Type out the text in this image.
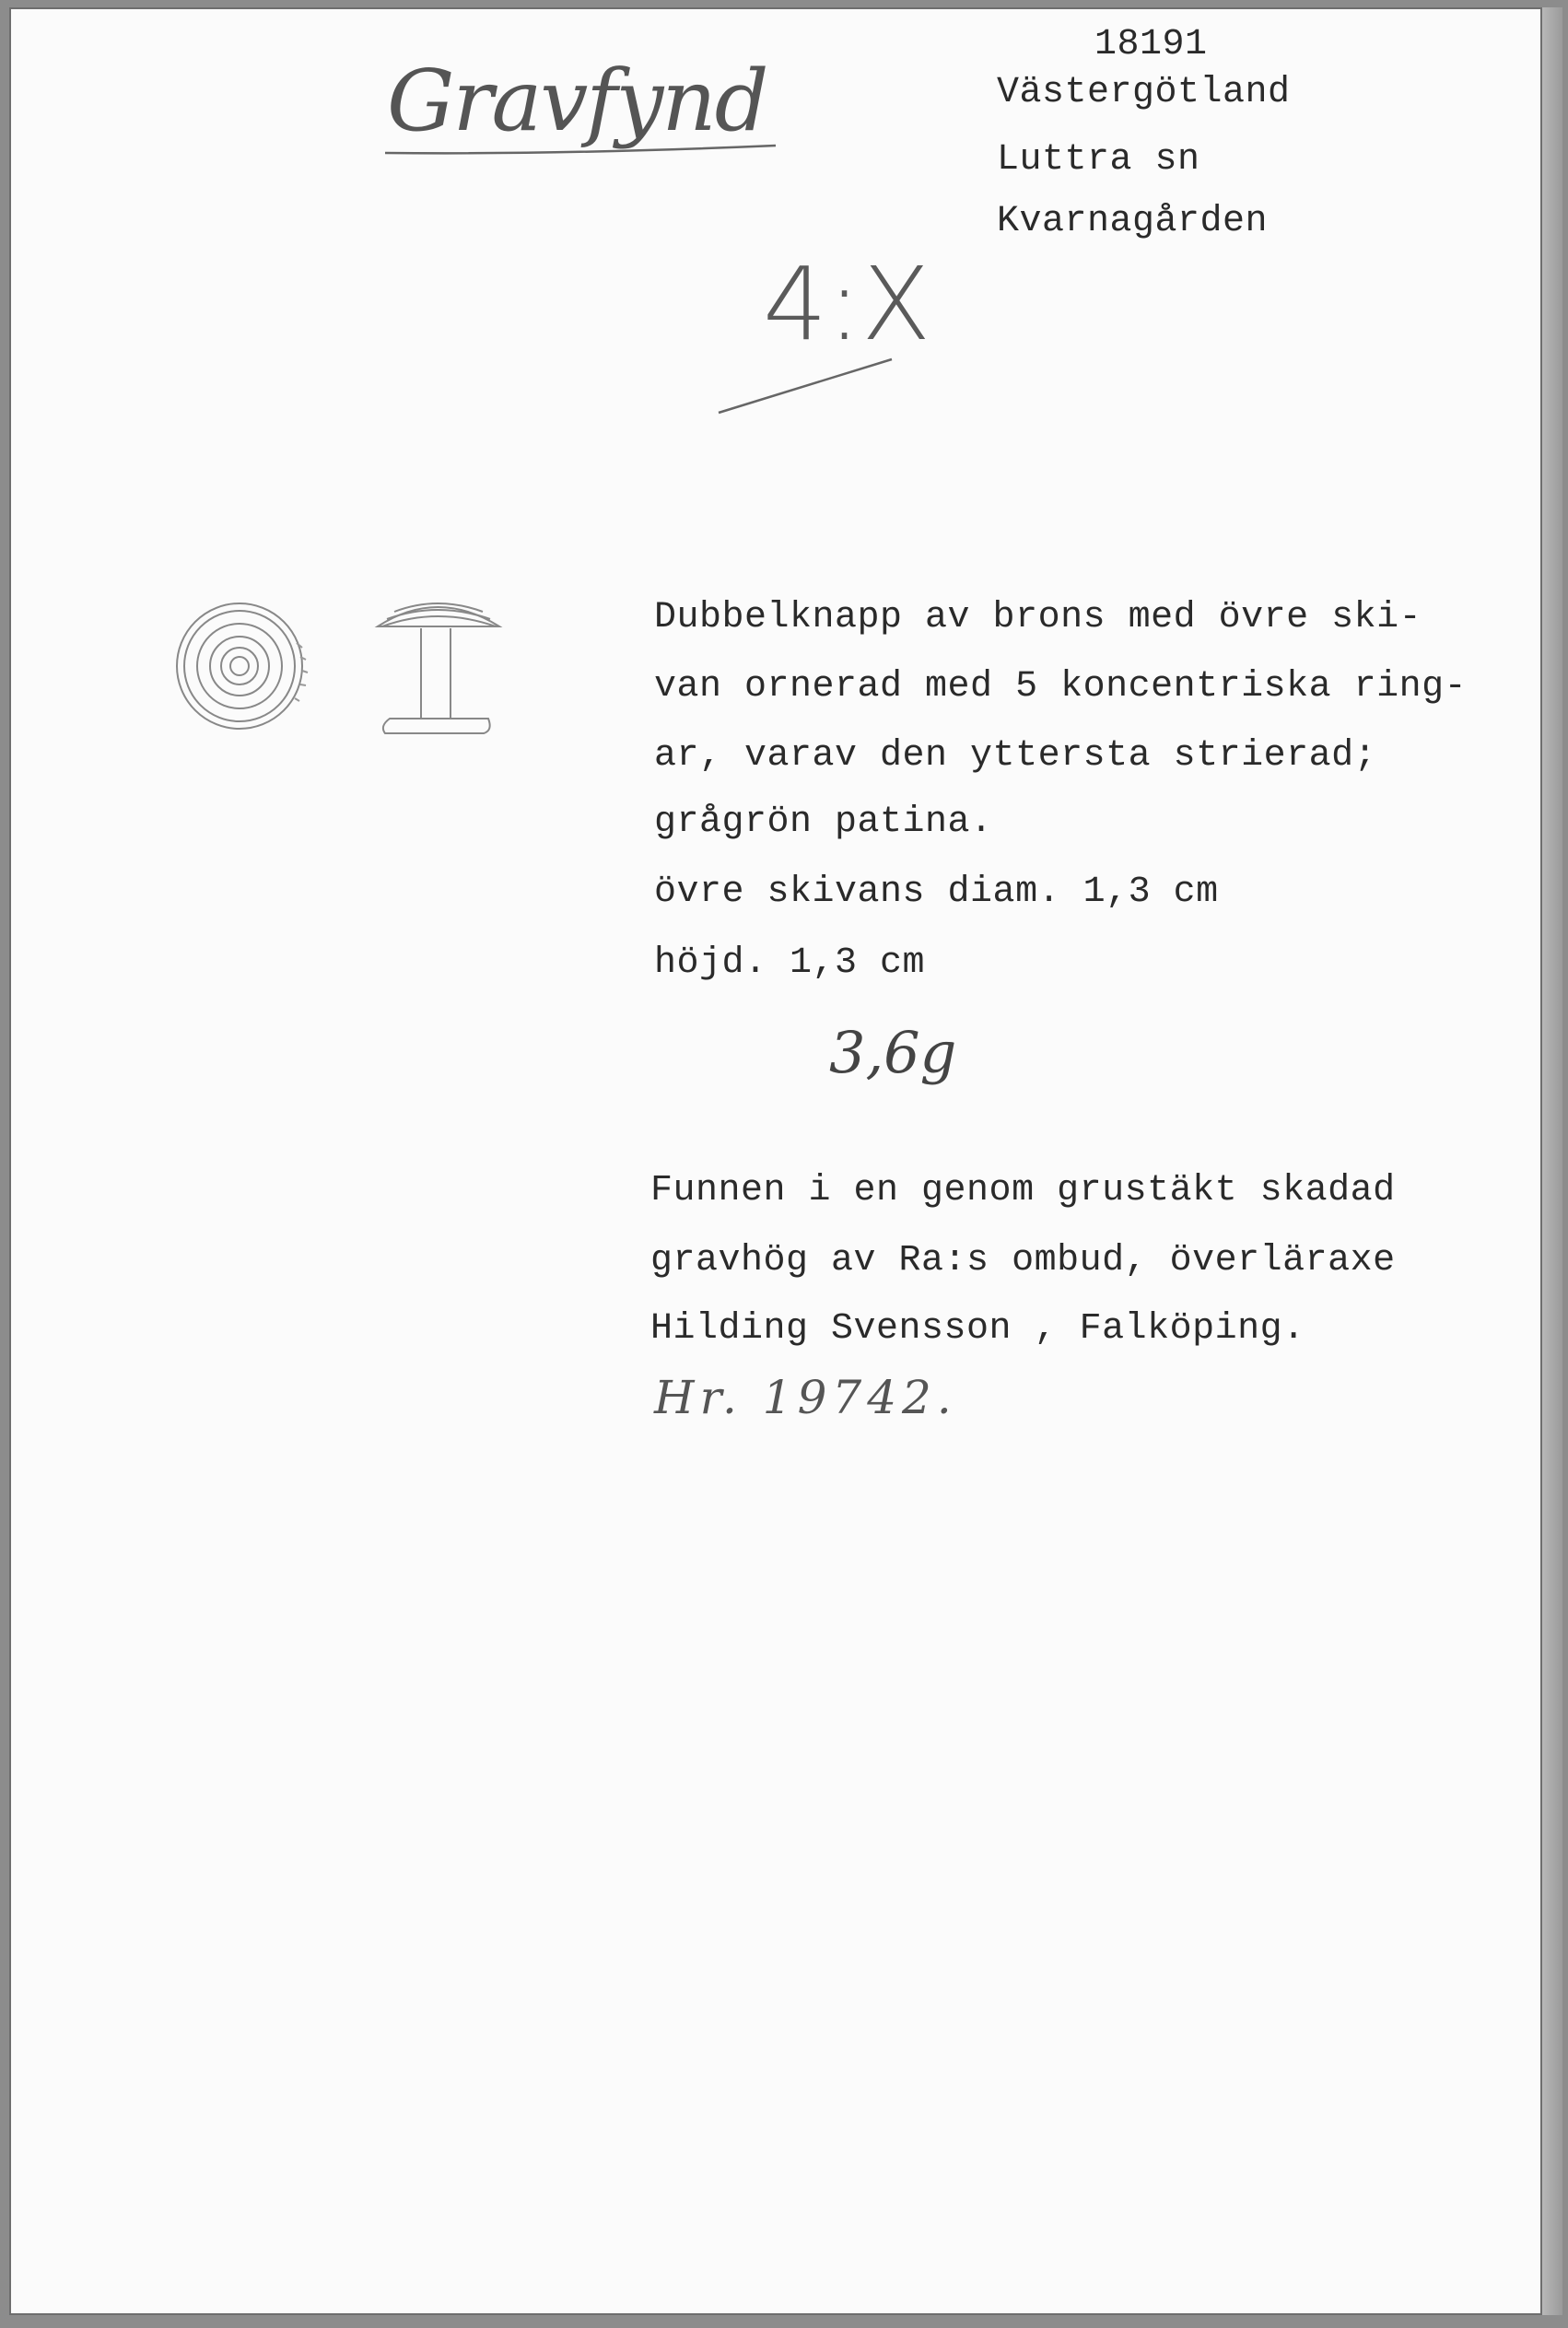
Gravfynd
18191
Västergötland
Luttra sn
Kvarnagården
4:X
Dubbelknapp av brons med övre ski-
van ornerad med 5 koncentriska ring-
ar, varav den yttersta strierad;
grågrön patina.
övre skivans diam. 1,3 cm
höjd. 1,3 cm
3,6g
Funnen i en genom grustäkt skadad
gravhög av Ra:s ombud, överläraxe
Hilding Svensson , Falköping.
Hr. 19742.
